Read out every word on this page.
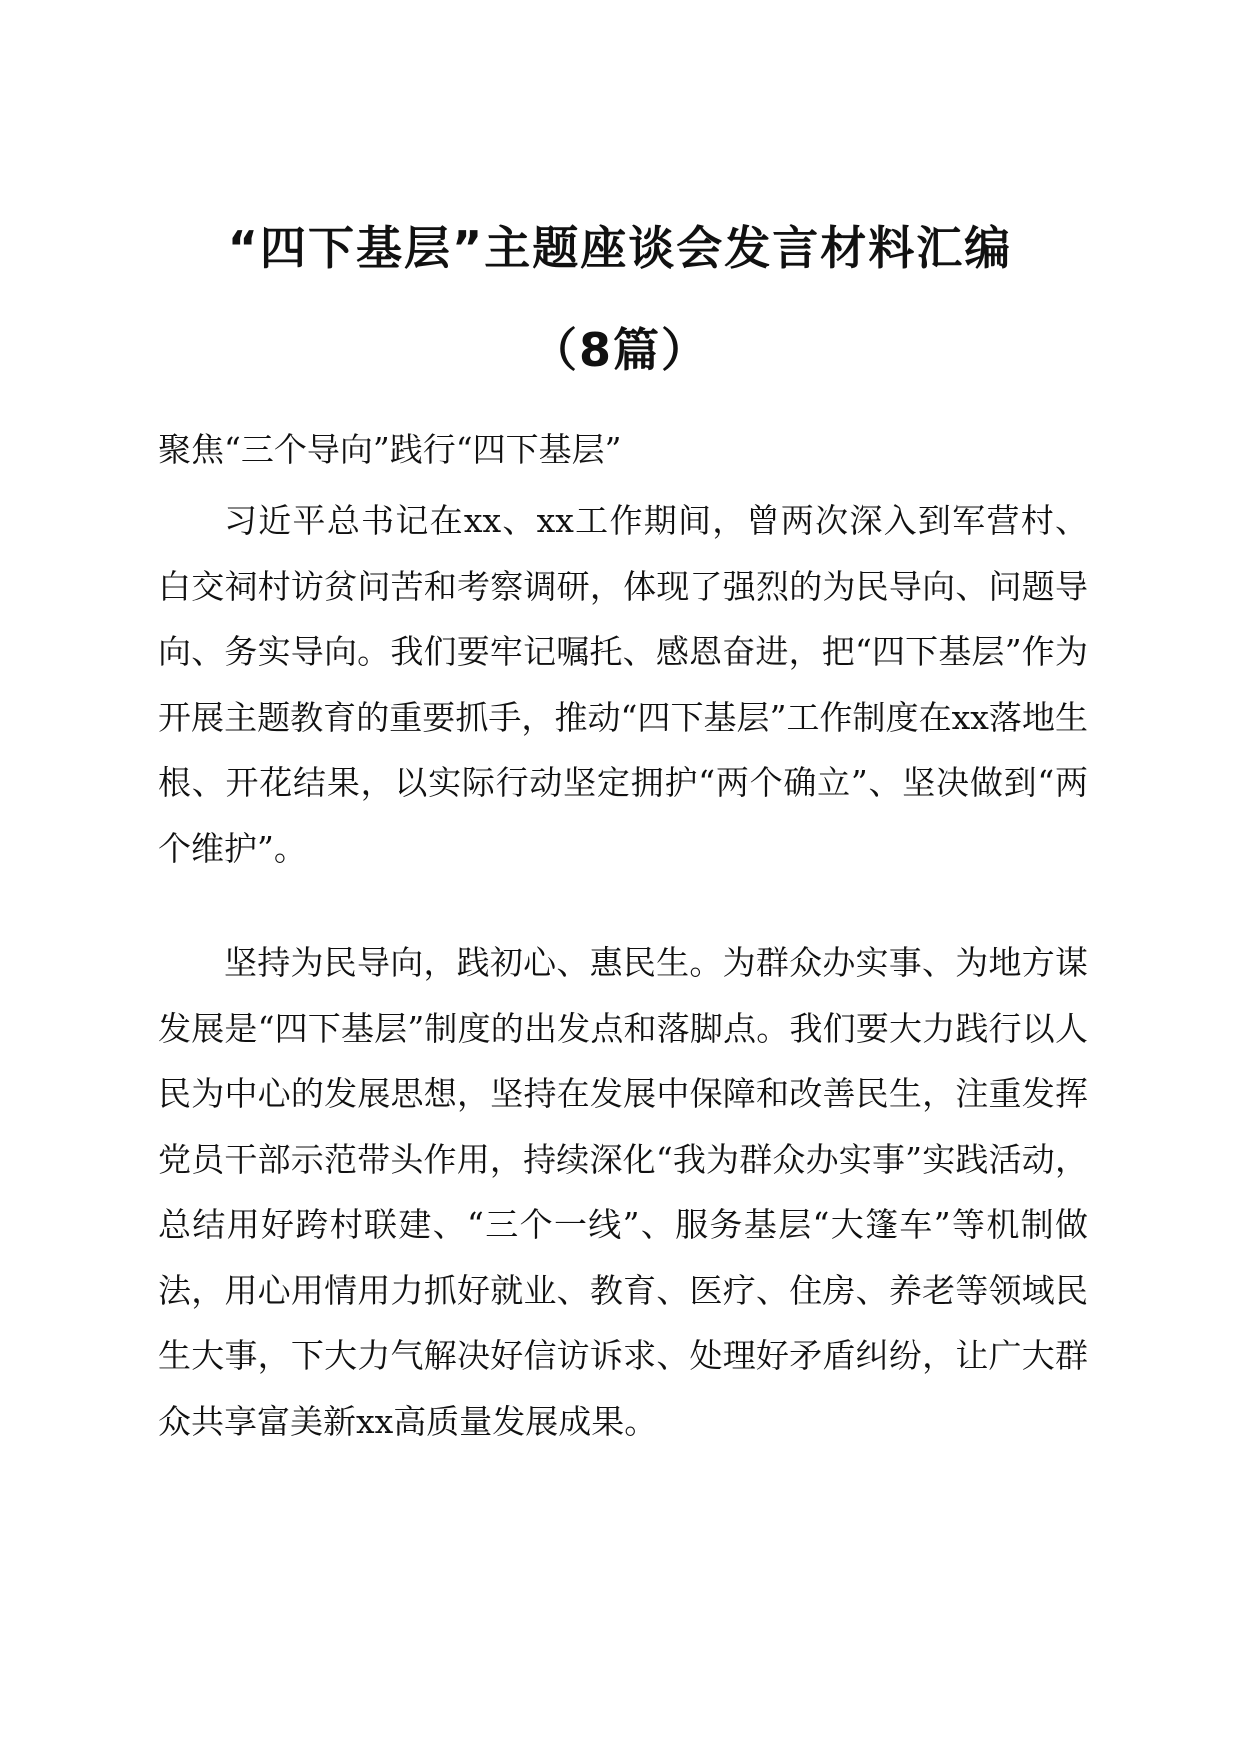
“四下基层”主题座谈会发言材料汇编
（8篇）

聚焦“三个导向”践行“四下基层”

习近平总书记在xx、xx工作期间，曾两次深入到军营村、白交祠村访贫问苦和考察调研，体现了强烈的为民导向、问题导向、务实导向。我们要牢记嘱托、感恩奋进，把“四下基层”作为开展主题教育的重要抓手，推动“四下基层”工作制度在xx落地生根、开花结果，以实际行动坚定拥护“两个确立”、坚决做到“两个维护”。

坚持为民导向，践初心、惠民生。为群众办实事、为地方谋发展是“四下基层”制度的出发点和落脚点。我们要大力践行以人民为中心的发展思想，坚持在发展中保障和改善民生，注重发挥党员干部示范带头作用，持续深化“我为群众办实事”实践活动，总结用好跨村联建、“三个一线”、服务基层“大篷车”等机制做法，用心用情用力抓好就业、教育、医疗、住房、养老等领域民生大事，下大力气解决好信访诉求、处理好矛盾纠纷，让广大群众共享富美新xx高质量发展成果。
